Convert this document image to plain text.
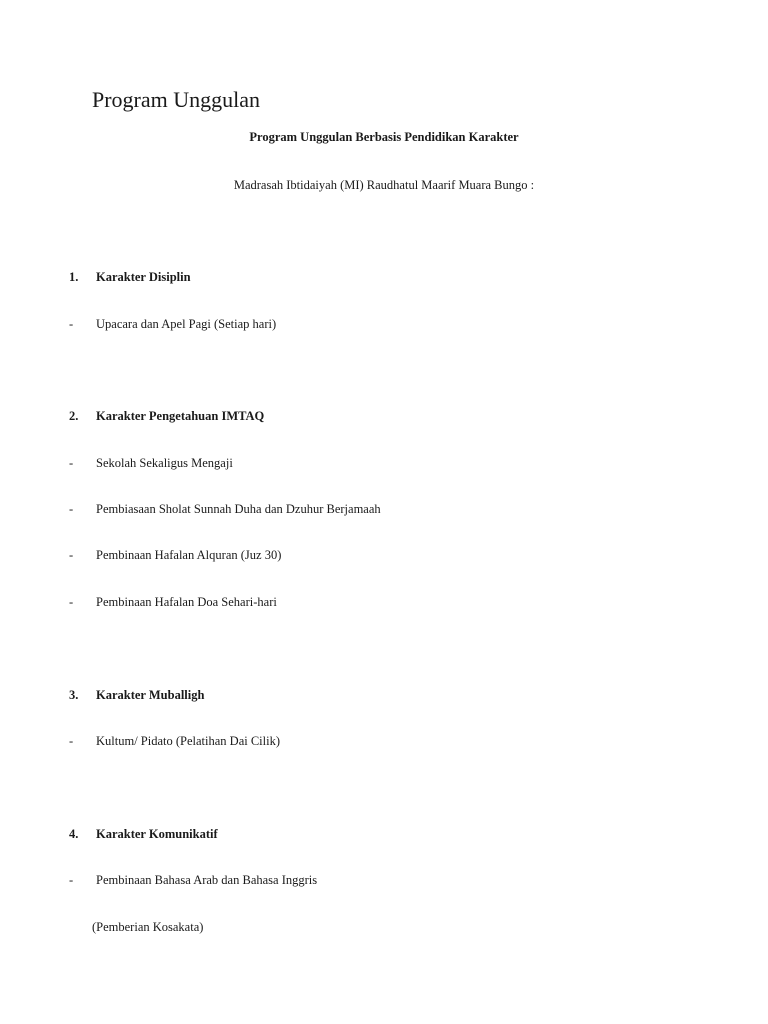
Program Unggulan
Program Unggulan Berbasis Pendidikan Karakter
Madrasah Ibtidaiyah (MI) Raudhatul Maarif Muara Bungo :
1. Karakter Disiplin
- Upacara dan Apel Pagi (Setiap hari)
2. Karakter Pengetahuan IMTAQ
- Sekolah Sekaligus Mengaji
- Pembiasaan Sholat Sunnah Duha dan Dzuhur Berjamaah
- Pembinaan Hafalan Alquran (Juz 30)
- Pembinaan Hafalan Doa Sehari-hari
3. Karakter Muballigh
- Kultum/ Pidato (Pelatihan Dai Cilik)
4. Karakter Komunikatif
- Pembinaan Bahasa Arab dan Bahasa Inggris
(Pemberian Kosakata)
